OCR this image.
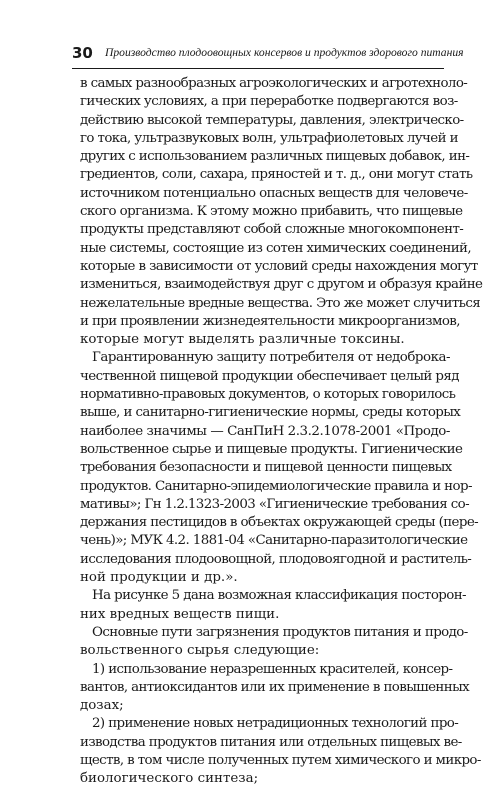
30 Производство плодоовощных консервов и продуктов здорового питания
в самых разнообразных агроэкологических и агротехноло-
гических условиях, а при переработке подвергаются воз-
действию высокой температуры, давления, электрическо-
го тока, ультразвуковых волн, ультрафиолетовых лучей и
других с использованием различных пищевых добавок, ин-
гредиентов, соли, сахара, пряностей и т. д., они могут стать
источником потенциально опасных веществ для человече-
ского организма. К этому можно прибавить, что пищевые
продукты представляют собой сложные многокомпонент-
ные системы, состоящие из сотен химических соединений,
которые в зависимости от условий среды нахождения могут
измениться, взаимодействуя друг с другом и образуя крайне
нежелательные вредные вещества. Это же может случиться
и при проявлении жизнедеятельности микроорганизмов,
которые могут выделять различные токсины.
Гарантированную защиту потребителя от недоброка-
чественной пищевой продукции обеспечивает целый ряд
нормативно-правовых документов, о которых говорилось
выше, и санитарно-гигиенические нормы, среды которых
наиболее значимы — СанПиН 2.3.2.1078-2001 «Продо-
вольственное сырье и пищевые продукты. Гигиенические
требования безопасности и пищевой ценности пищевых
продуктов. Санитарно-эпидемиологические правила и нор-
мативы»; Гн 1.2.1323-2003 «Гигиенические требования со-
держания пестицидов в объектах окружающей среды (пере-
чень)»; МУК 4.2. 1881-04 «Санитарно-паразитологические
исследования плодоовощной, плодовоягодной и раститель-
ной продукции и др.».
На рисунке 5 дана возможная классификация посторон-
них вредных веществ пищи.
Основные пути загрязнения продуктов питания и продо-
вольственного сырья следующие:
1) использование неразрешенных красителей, консер-
вантов, антиоксидантов или их применение в повышенных
дозах;
2) применение новых нетрадиционных технологий про-
изводства продуктов питания или отдельных пищевых ве-
ществ, в том числе полученных путем химического и микро-
биологического синтеза;
